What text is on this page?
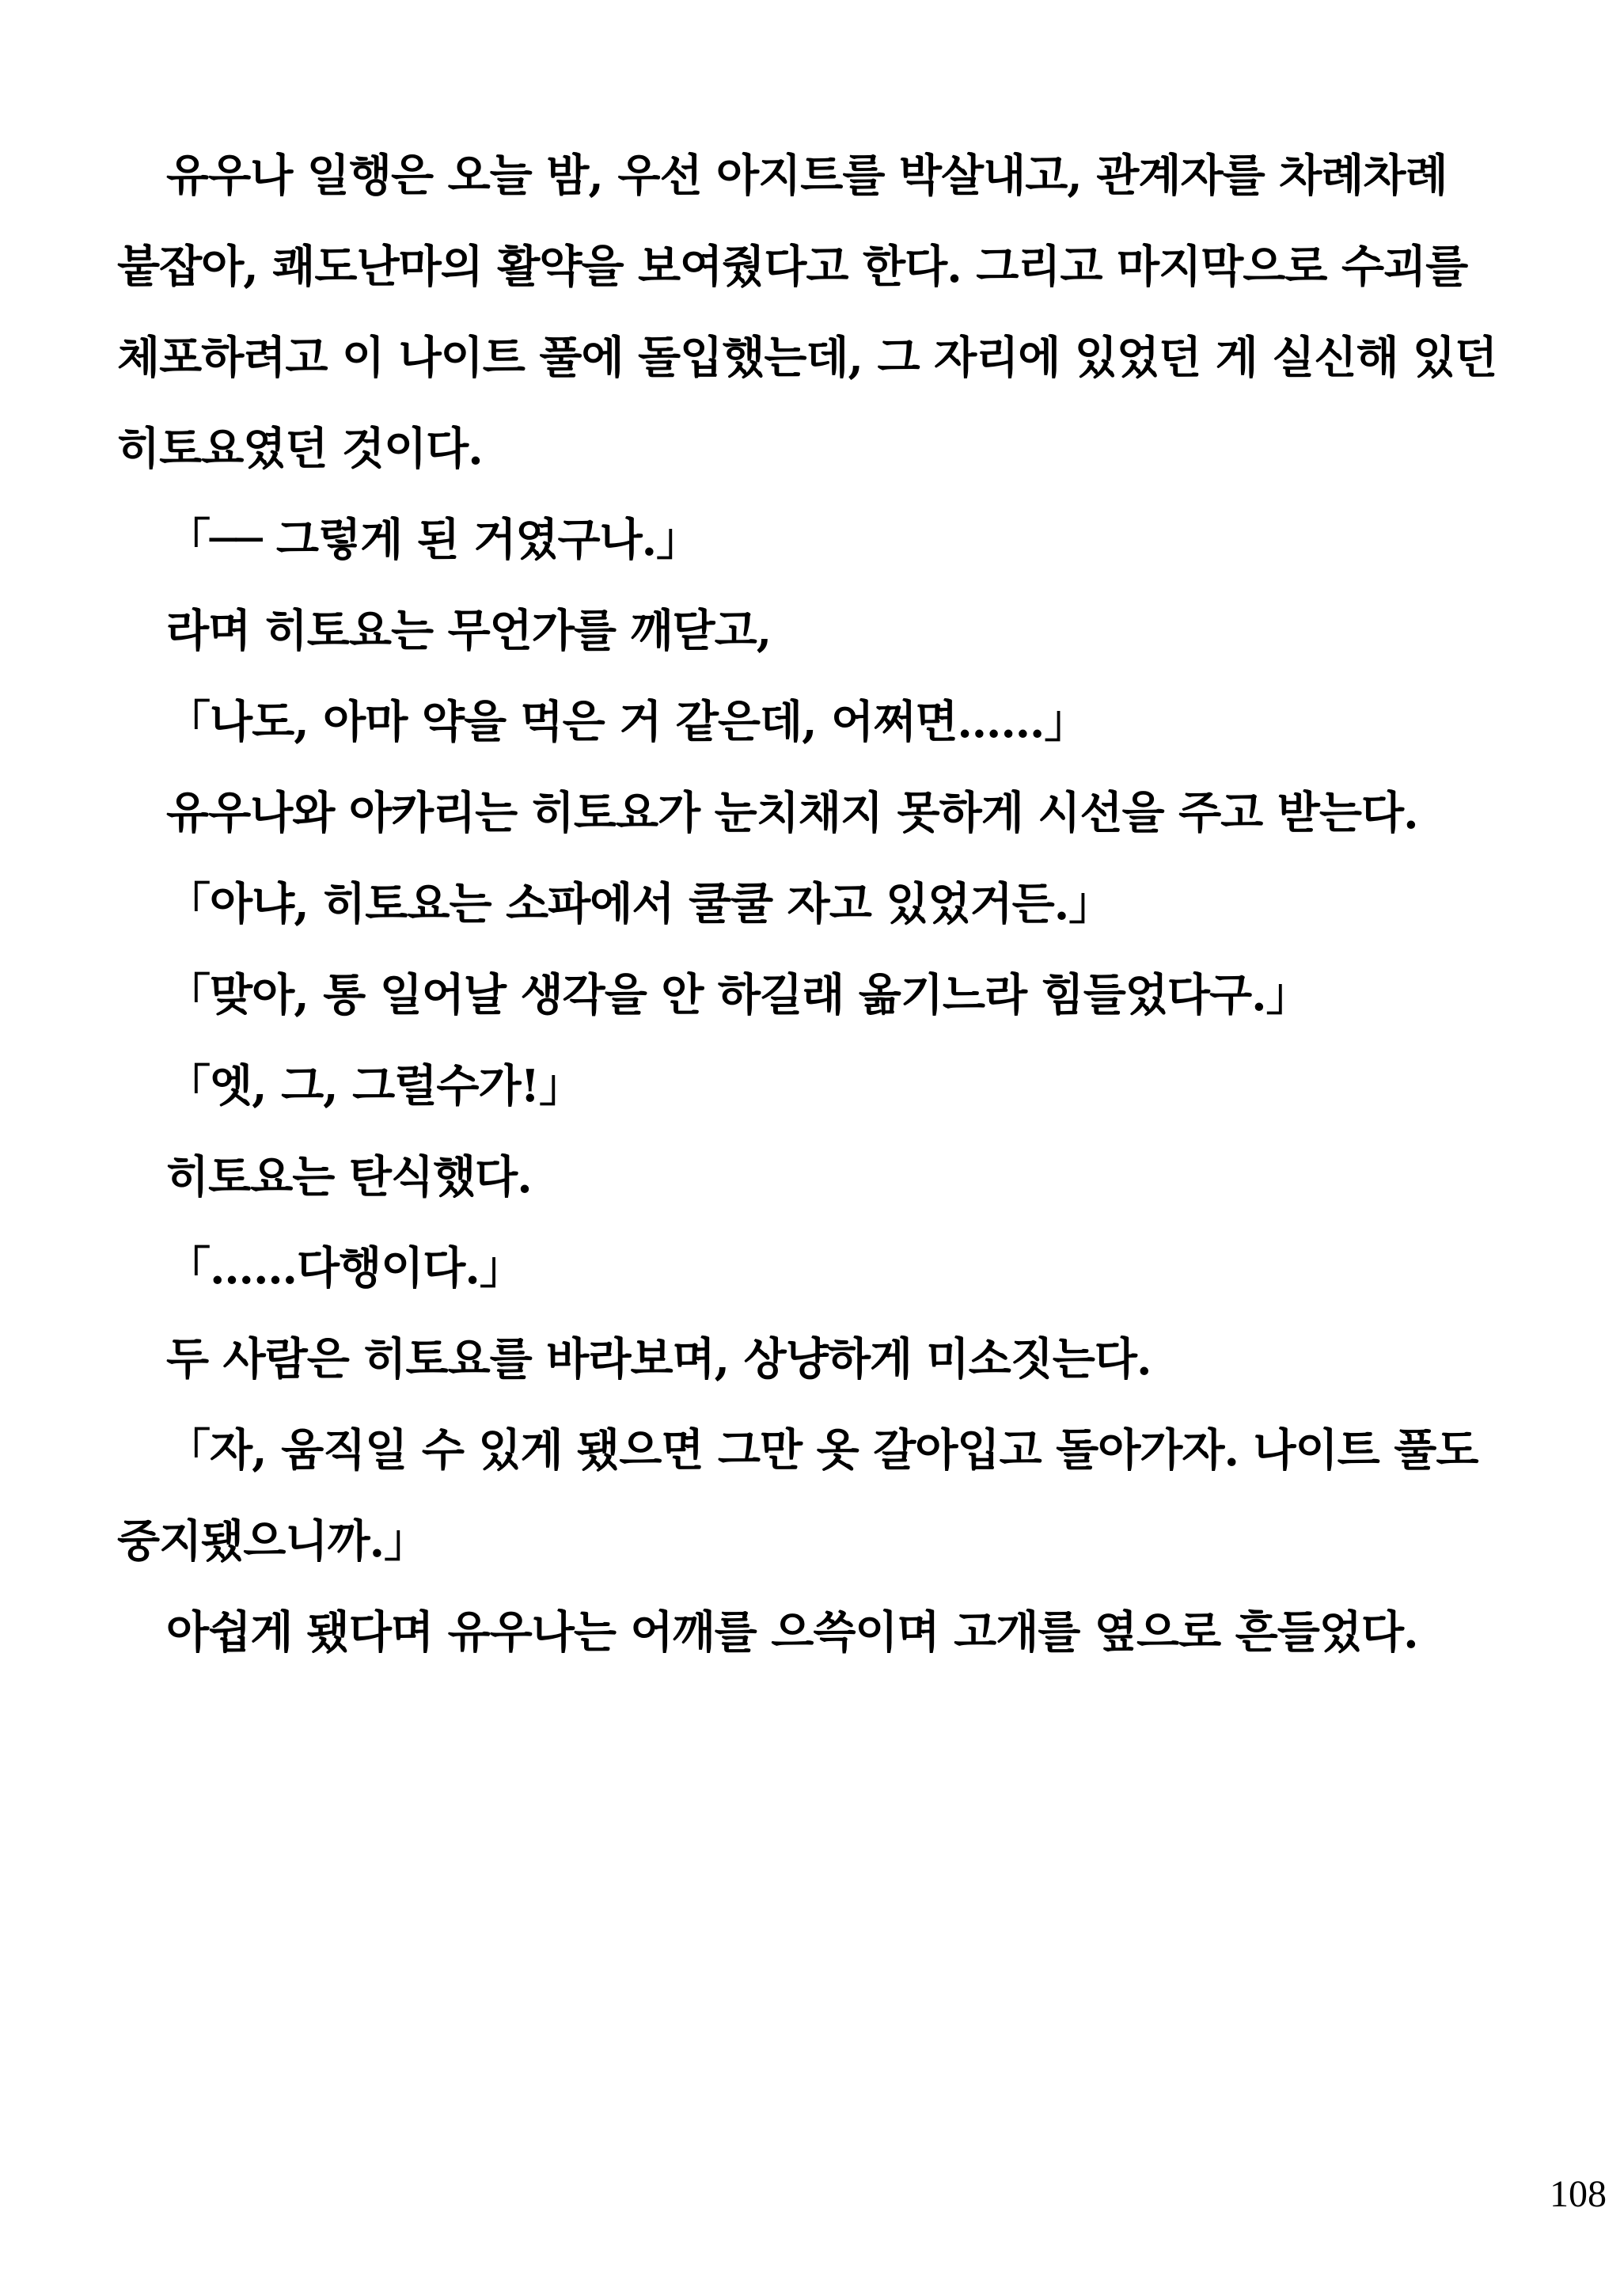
유우나 일행은 오늘 밤, 우선 아지트를 박살내고, 관계자를 차례차례
붙잡아, 쾌도난마의 활약을 보여줬다고 한다. 그리고 마지막으로 수괴를
체포하려고 이 나이트 풀에 돌입했는데, 그 자리에 있었던 게 실신해 있던
히토요였던 것이다.
「── 그렇게 된 거였구나.」
라며 히토요는 무언가를 깨닫고,
「나도, 아마 약을 먹은 거 같은데, 어쩌면……」
유우나와 아카리는 히토요가 눈치채지 못하게 시선을 주고 받는다.
「아냐, 히토요는 소파에서 쿨쿨 자고 있었거든.」
「맞아, 통 일어날 생각을 안 하길래 옮기느라 힘들었다구.」
「엣, 그, 그럴수가!」
히토요는 탄식했다.
「……다행이다.」
두 사람은 히토요를 바라보며, 상냥하게 미소짓는다.
「자, 움직일 수 있게 됐으면 그만 옷 갈아입고 돌아가자. 나이트 풀도
중지됐으니까.」
아쉽게 됐다며 유우나는 어깨를 으쓱이며 고개를 옆으로 흔들었다.
108
